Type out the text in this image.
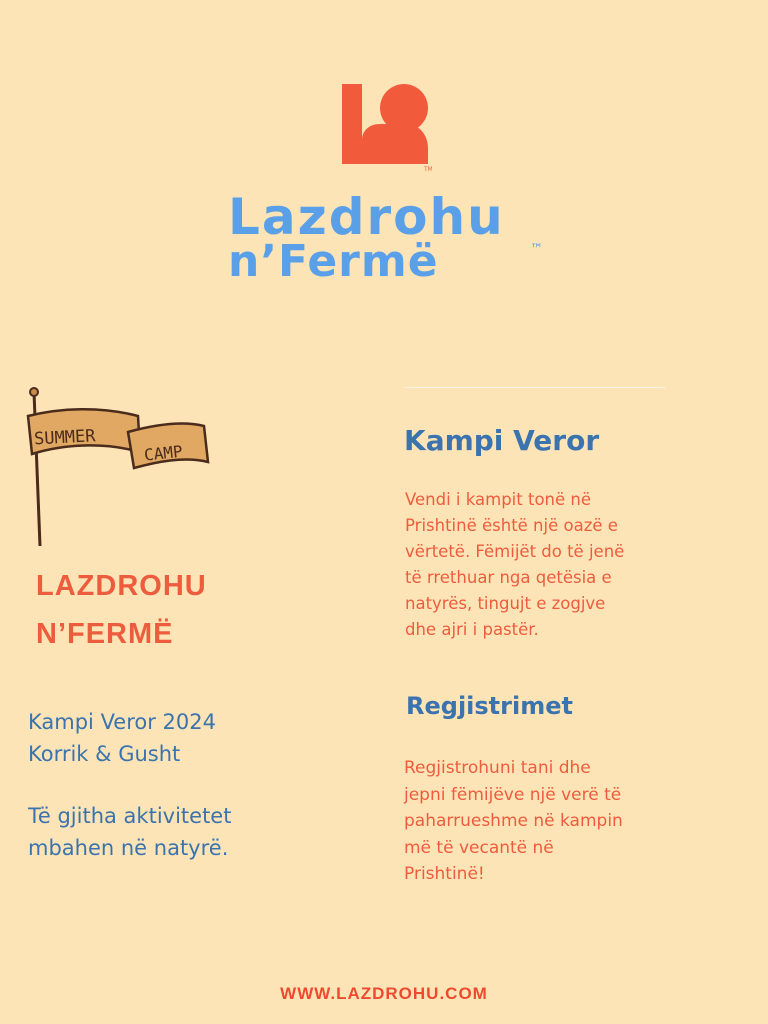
TM
Lazdrohu
n’Fermë	™
SUMMER
CAMP
LAZDROHU
N’FERMË
Kampi Veror 2024
Korrik & Gusht
Të gjitha aktivitetet
mbahen në natyrë.
Kampi Veror
Vendi i kampit tonë në
Prishtinë është një oazë e
vërtetë. Fëmijët do të jenë
të rrethuar nga qetësia e
natyrës, tingujt e zogjve
dhe ajri i pastër.
Regjistrimet
Regjistrohuni tani dhe
jepni fëmijëve një verë të
paharrueshme në kampin
më të vecantë në
Prishtinë!
WWW.LAZDROHU.COM
